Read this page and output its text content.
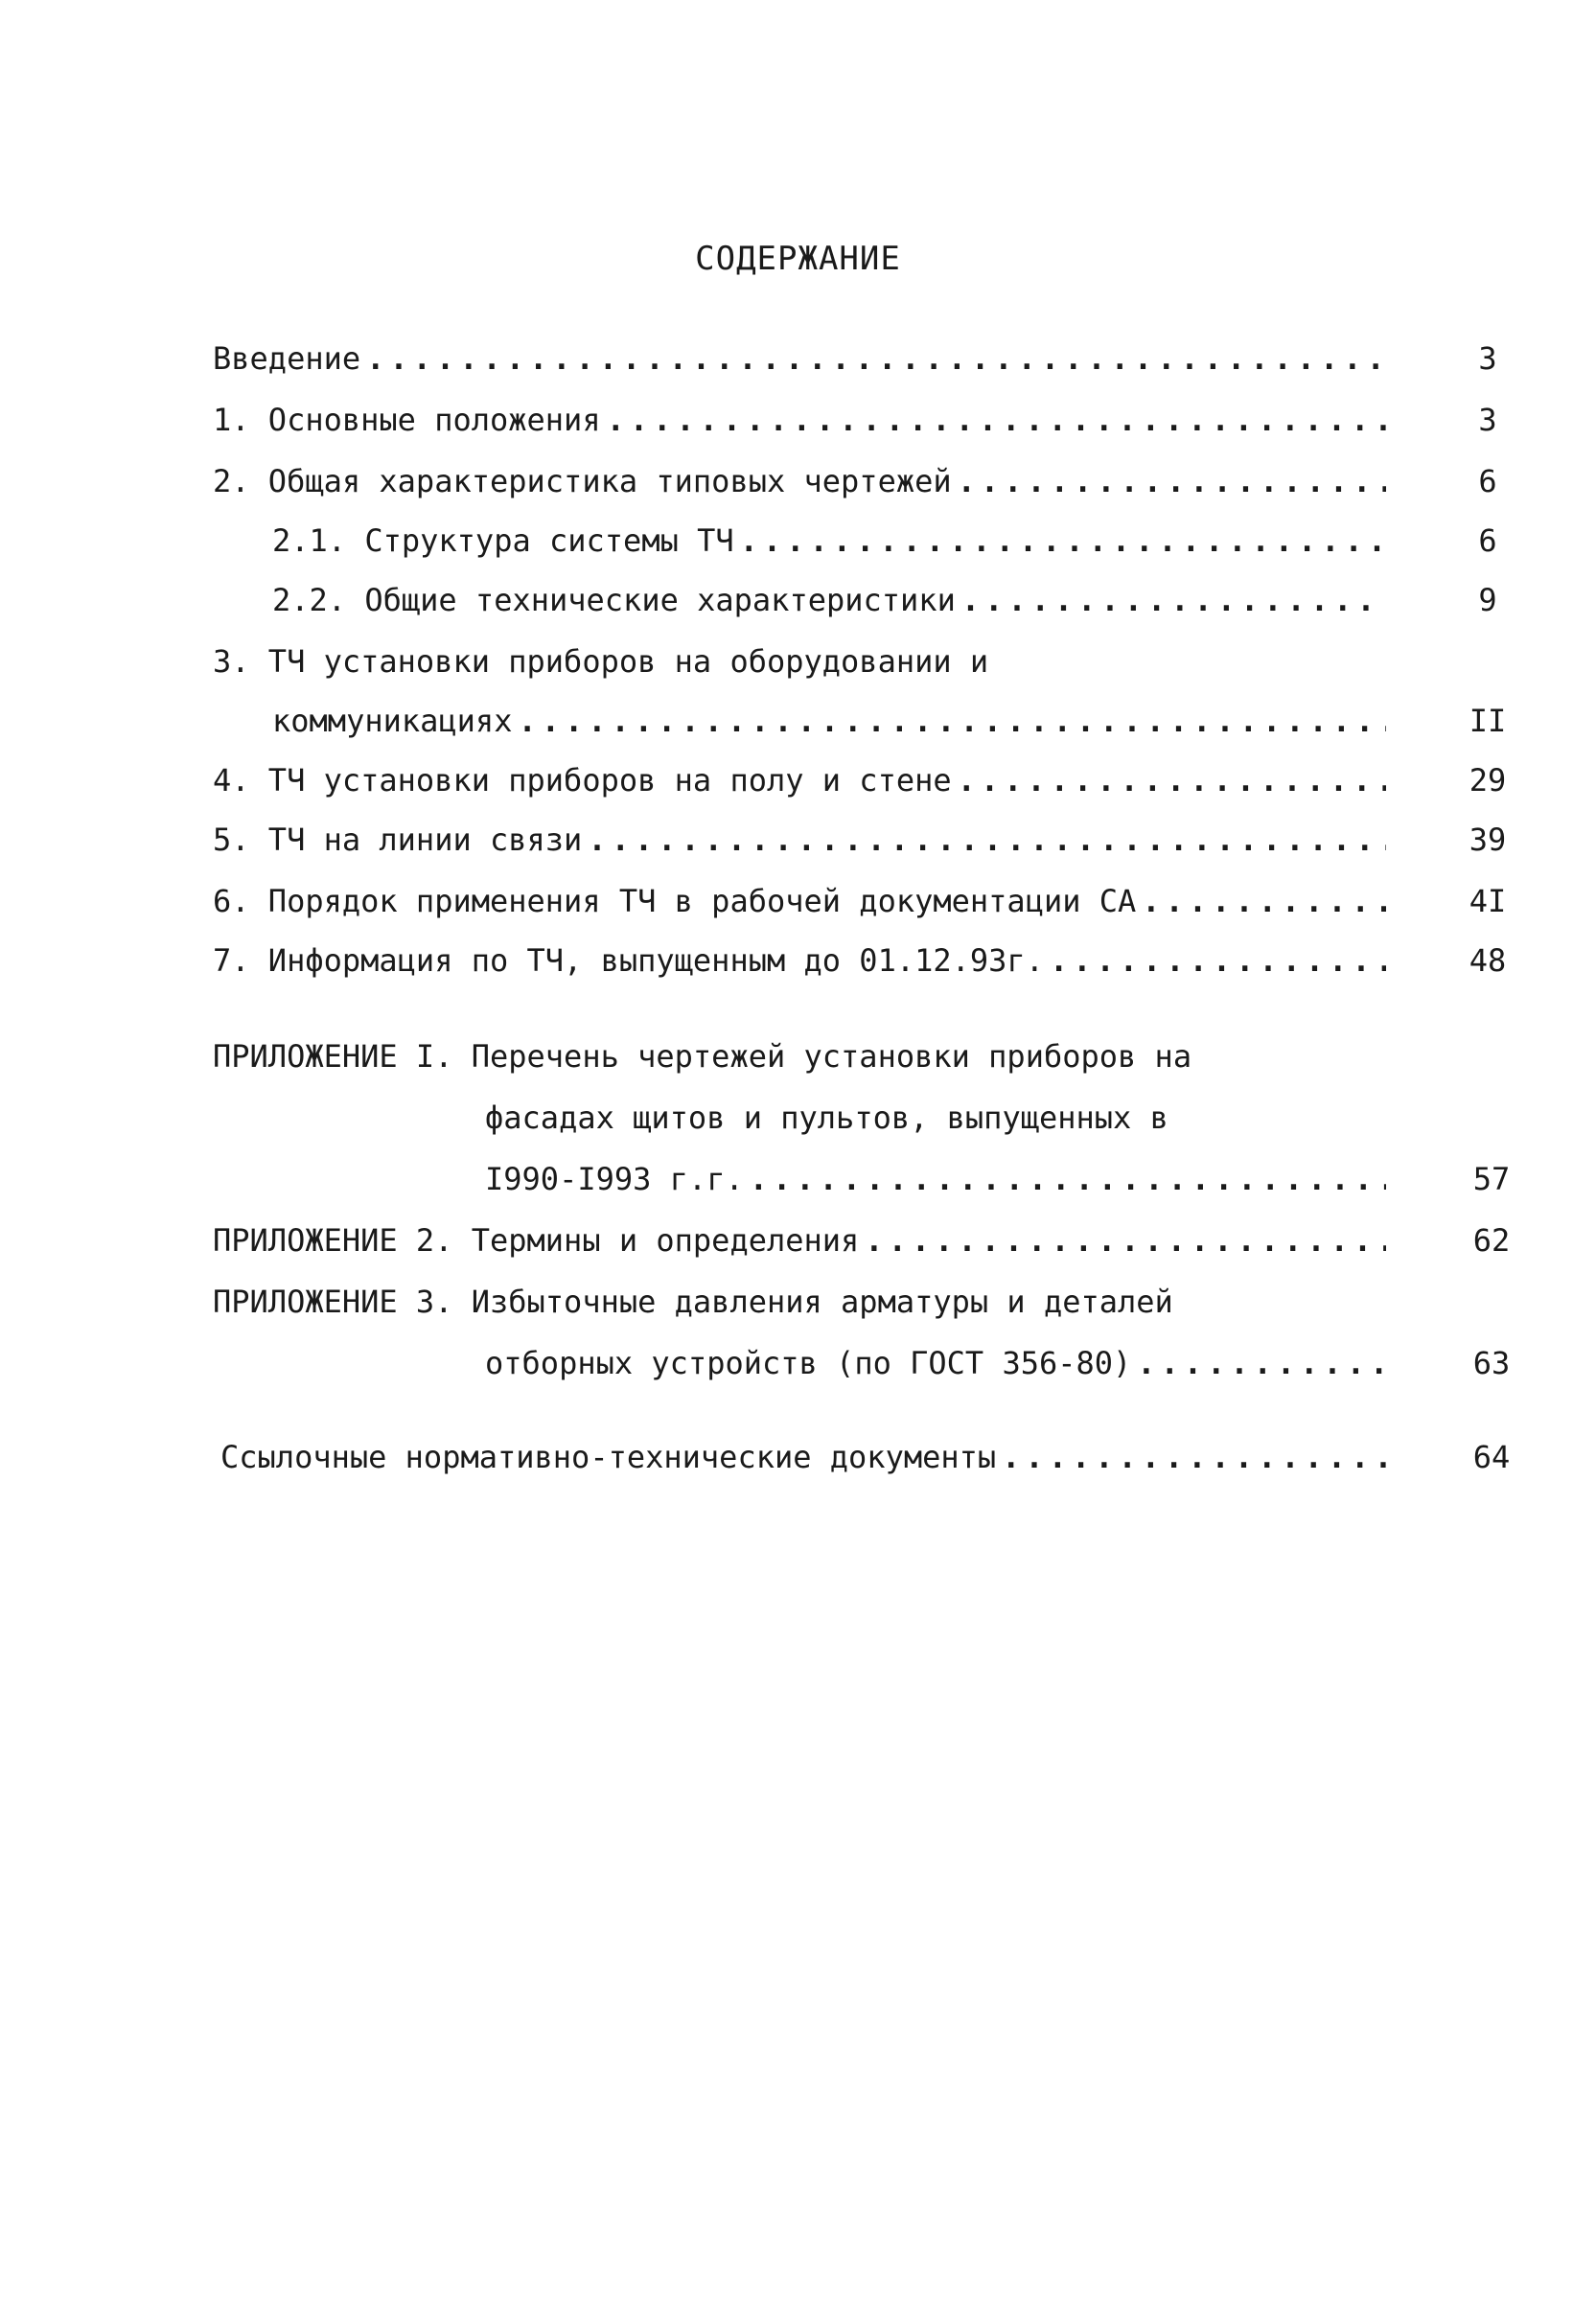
СОДЕРЖАНИЕ
Введение .....	3
1. Основные положения .....	3
2. Общая характеристика типовых чертежей .....	6
2.1. Структура системы ТЧ .....	6
2.2. Общие технические характеристики .....	9
3. ТЧ установки приборов на оборудовании и
коммуникациях .....	II
4. ТЧ установки приборов на полу и стене .....	29
5. ТЧ на линии связи .....	39
6. Порядок применения ТЧ в рабочей документации СА .....	4I
7. Информация по ТЧ, выпущенным до 01.12.93г. .....	48
ПРИЛОЖЕНИЕ I. Перечень чертежей установки приборов на
фасадах щитов и пультов, выпущенных в
I990-I993 г.г. .....	57
ПРИЛОЖЕНИЕ 2. Термины и определения .....	62
ПРИЛОЖЕНИЕ 3. Избыточные давления арматуры и деталей
отборных устройств (по ГОСТ 356-80) .....	63
Ссылочные нормативно-технические документы .....	64
